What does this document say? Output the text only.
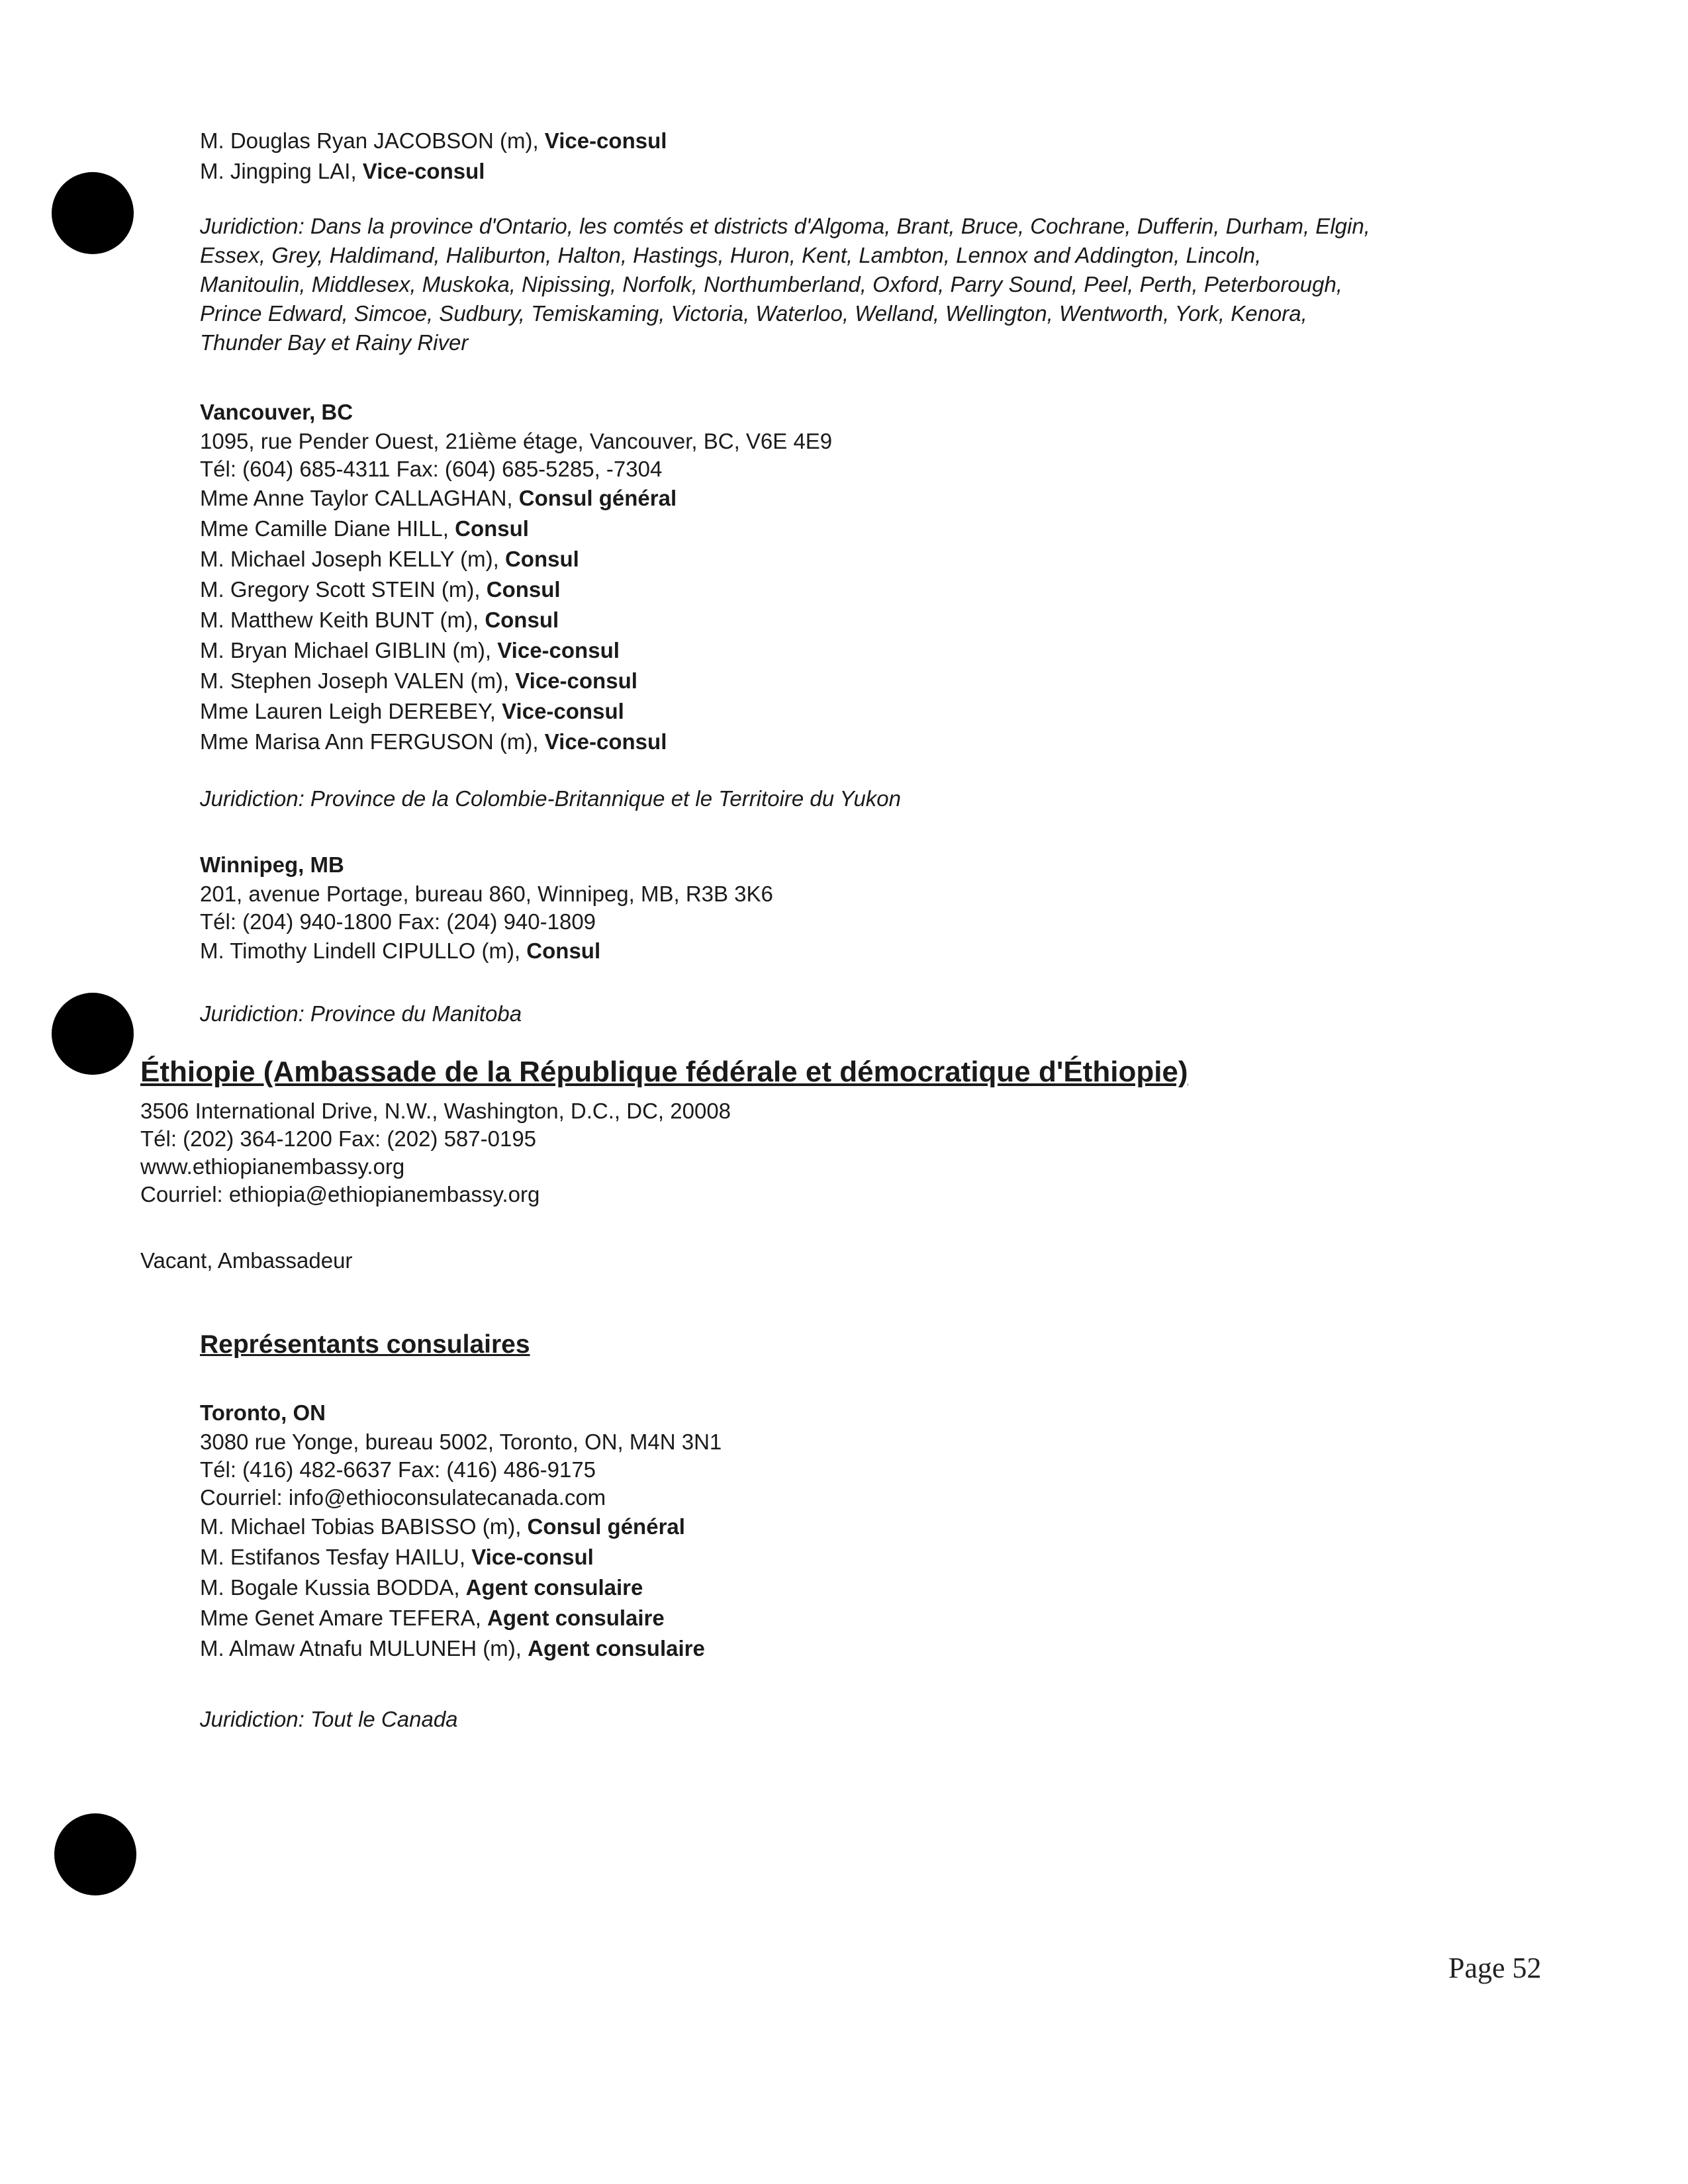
M. Douglas Ryan JACOBSON (m), Vice-consul
M. Jingping LAI, Vice-consul
Juridiction: Dans la province d'Ontario, les comtés et districts d'Algoma, Brant, Bruce, Cochrane, Dufferin, Durham, Elgin,
Essex, Grey, Haldimand, Haliburton, Halton, Hastings, Huron, Kent, Lambton, Lennox and Addington, Lincoln,
Manitoulin, Middlesex, Muskoka, Nipissing, Norfolk, Northumberland, Oxford, Parry Sound, Peel, Perth, Peterborough,
Prince Edward, Simcoe, Sudbury, Temiskaming, Victoria, Waterloo, Welland, Wellington, Wentworth, York, Kenora,
Thunder Bay et Rainy River
Vancouver, BC
1095, rue Pender Ouest, 21ième étage, Vancouver, BC, V6E 4E9
Tél: (604) 685-4311 Fax: (604) 685-5285, -7304
Mme Anne Taylor CALLAGHAN, Consul général
Mme Camille Diane HILL, Consul
M. Michael Joseph KELLY (m), Consul
M. Gregory Scott STEIN (m), Consul
M. Matthew Keith BUNT (m), Consul
M. Bryan Michael GIBLIN (m), Vice-consul
M. Stephen Joseph VALEN (m), Vice-consul
Mme Lauren Leigh DEREBEY, Vice-consul
Mme Marisa Ann FERGUSON (m), Vice-consul
Juridiction: Province de la Colombie-Britannique et le Territoire du Yukon
Winnipeg, MB
201, avenue Portage, bureau 860, Winnipeg, MB, R3B 3K6
Tél: (204) 940-1800 Fax: (204) 940-1809
M. Timothy Lindell CIPULLO (m), Consul
Juridiction: Province du Manitoba
Éthiopie (Ambassade de la République fédérale et démocratique d'Éthiopie)
3506 International Drive, N.W., Washington, D.C., DC, 20008
Tél: (202) 364-1200 Fax: (202) 587-0195
www.ethiopianembassy.org
Courriel: ethiopia@ethiopianembassy.org
Vacant, Ambassadeur
Représentants consulaires
Toronto, ON
3080 rue Yonge, bureau 5002, Toronto, ON, M4N 3N1
Tél: (416) 482-6637 Fax: (416) 486-9175
Courriel: info@ethioconsulatecanada.com
M. Michael Tobias BABISSO (m), Consul général
M. Estifanos Tesfay HAILU, Vice-consul
M. Bogale Kussia BODDA, Agent consulaire
Mme Genet Amare TEFERA, Agent consulaire
M. Almaw Atnafu MULUNEH (m), Agent consulaire
Juridiction: Tout le Canada
Page 52
